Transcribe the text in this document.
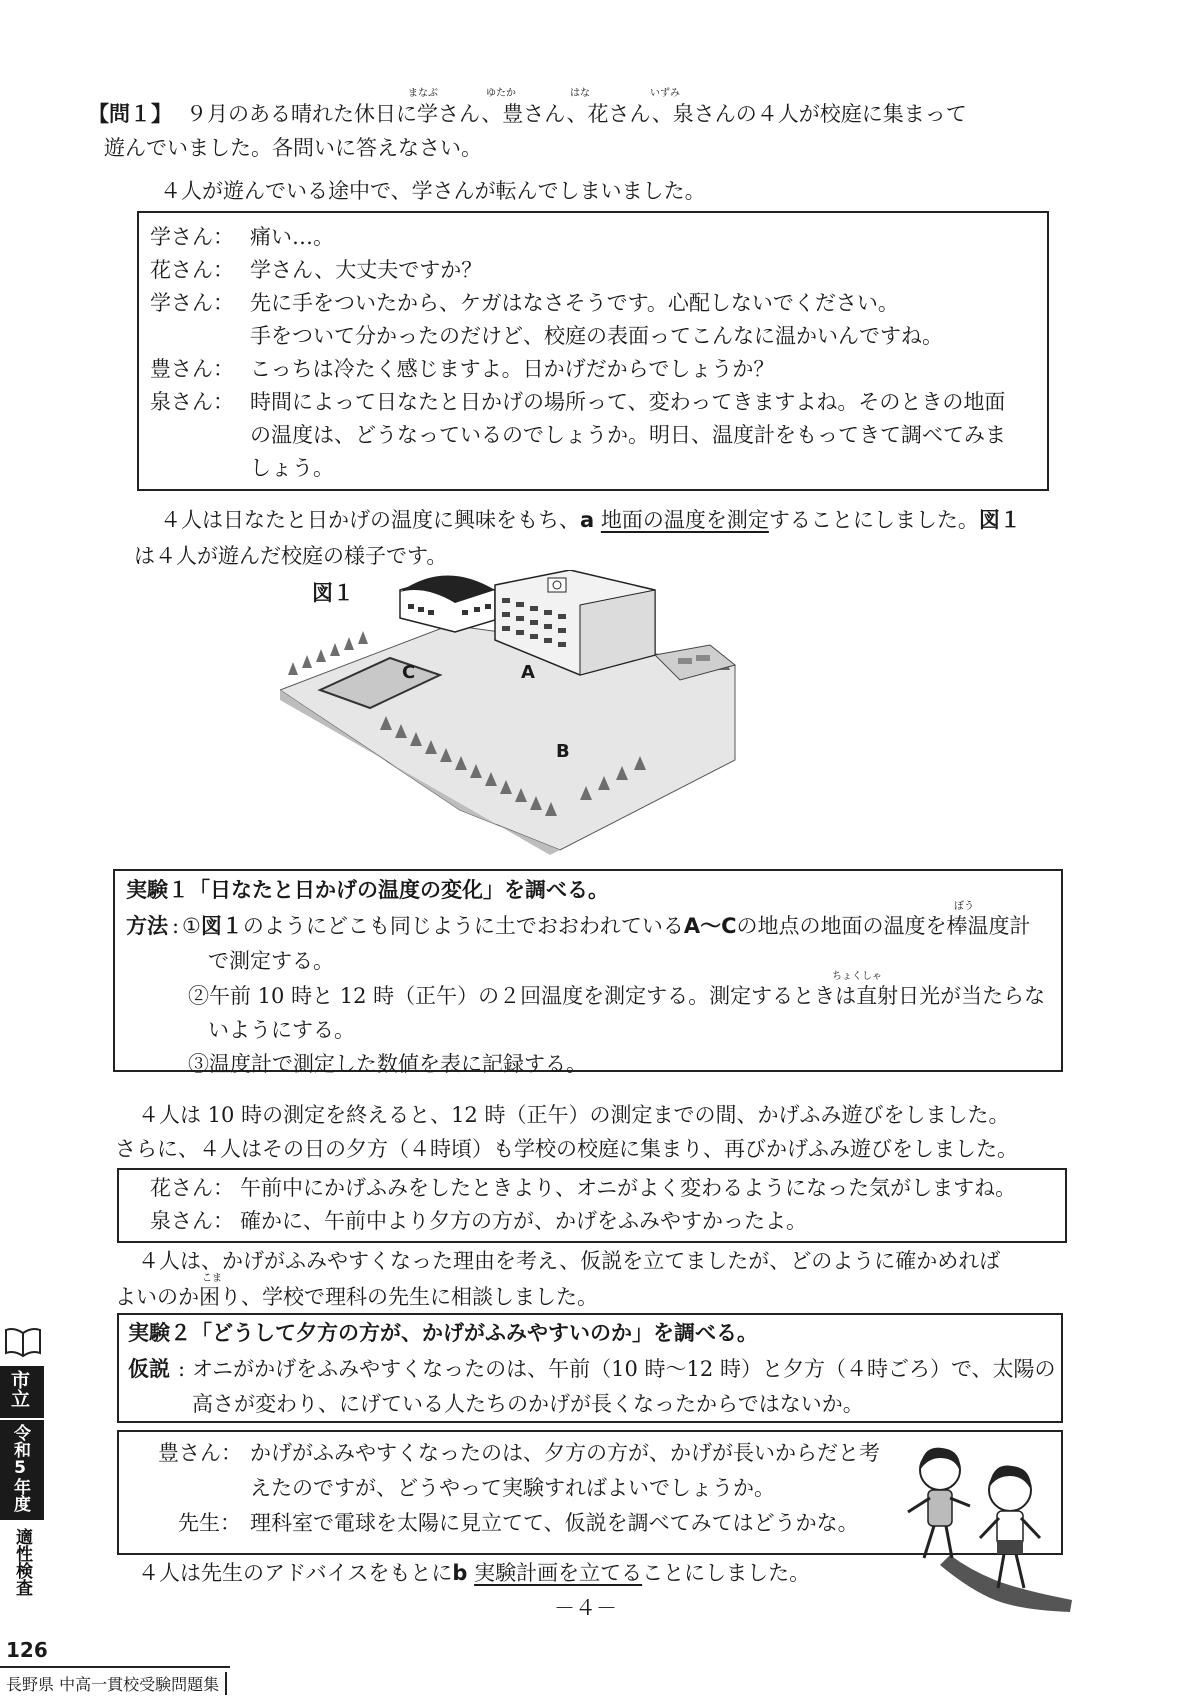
【問１】 ９月のある晴れた休日に学さん、豊さん、花さん、泉さんの４人が校庭に集まって
まなぶ	ゆたか	はな	いずみ
遊んでいました。各問いに答えなさい。
４人が遊んでいる途中で、学さんが転んでしまいました。
学さん： 痛い…。
花さん： 学さん、大丈夫ですか？
学さん： 先に手をついたから、ケガはなさそうです。心配しないでください。
手をついて分かったのだけど、校庭の表面ってこんなに温かいんですね。
豊さん： こっちは冷たく感じますよ。日かげだからでしょうか？
泉さん： 時間によって日なたと日かげの場所って、変わってきますよね。そのときの地面
の温度は、どうなっているのでしょうか。明日、温度計をもってきて調べてみま
しょう。
４人は日なたと日かげの温度に興味をもち、a 地面の温度を測定することにしました。図１
は４人が遊んだ校庭の様子です。
図１
C	A
B
実験１「日なたと日かげの温度の変化」を調べる。
方法 : ①図１のようにどこも同じように土でおおわれているA～Cの地点の地面の温度を棒温度計
ぼう
で測定する。
ちょくしゃ
②午前 10 時と 12 時（正午）の２回温度を測定する。測定するときは直射日光が当たらな
いようにする。
③温度計で測定した数値を表に記録する。
４人は 10 時の測定を終えると、12 時（正午）の測定までの間、かげふみ遊びをしました。
さらに、４人はその日の夕方（４時頃）も学校の校庭に集まり、再びかげふみ遊びをしました。
花さん： 午前中にかげふみをしたときより、オニがよく変わるようになった気がしますね。
泉さん： 確かに、午前中より夕方の方が、かげをふみやすかったよ。
４人は、かげがふみやすくなった理由を考え、仮説を立てましたが、どのように確かめれば
こま
よいのか困り、学校で理科の先生に相談しました。
実験２「どうして夕方の方が、かげがふみやすいのか」を調べる。
仮説 : オニがかげをふみやすくなったのは、午前（10 時～12 時）と夕方（４時ごろ）で、太陽の
高さが変わり、にげている人たちのかげが長くなったからではないか。
豊さん： かげがふみやすくなったのは、夕方の方が、かげが長いからだと考
えたのですが、どうやって実験すればよいでしょうか。
先生： 理科室で電球を太陽に見立てて、仮説を調べてみてはどうかな。
４人は先生のアドバイスをもとにb 実験計画を立てることにしました。
－４－
市立
令和5年度
適性検査
126
長野県 中高一貫校受験問題集
